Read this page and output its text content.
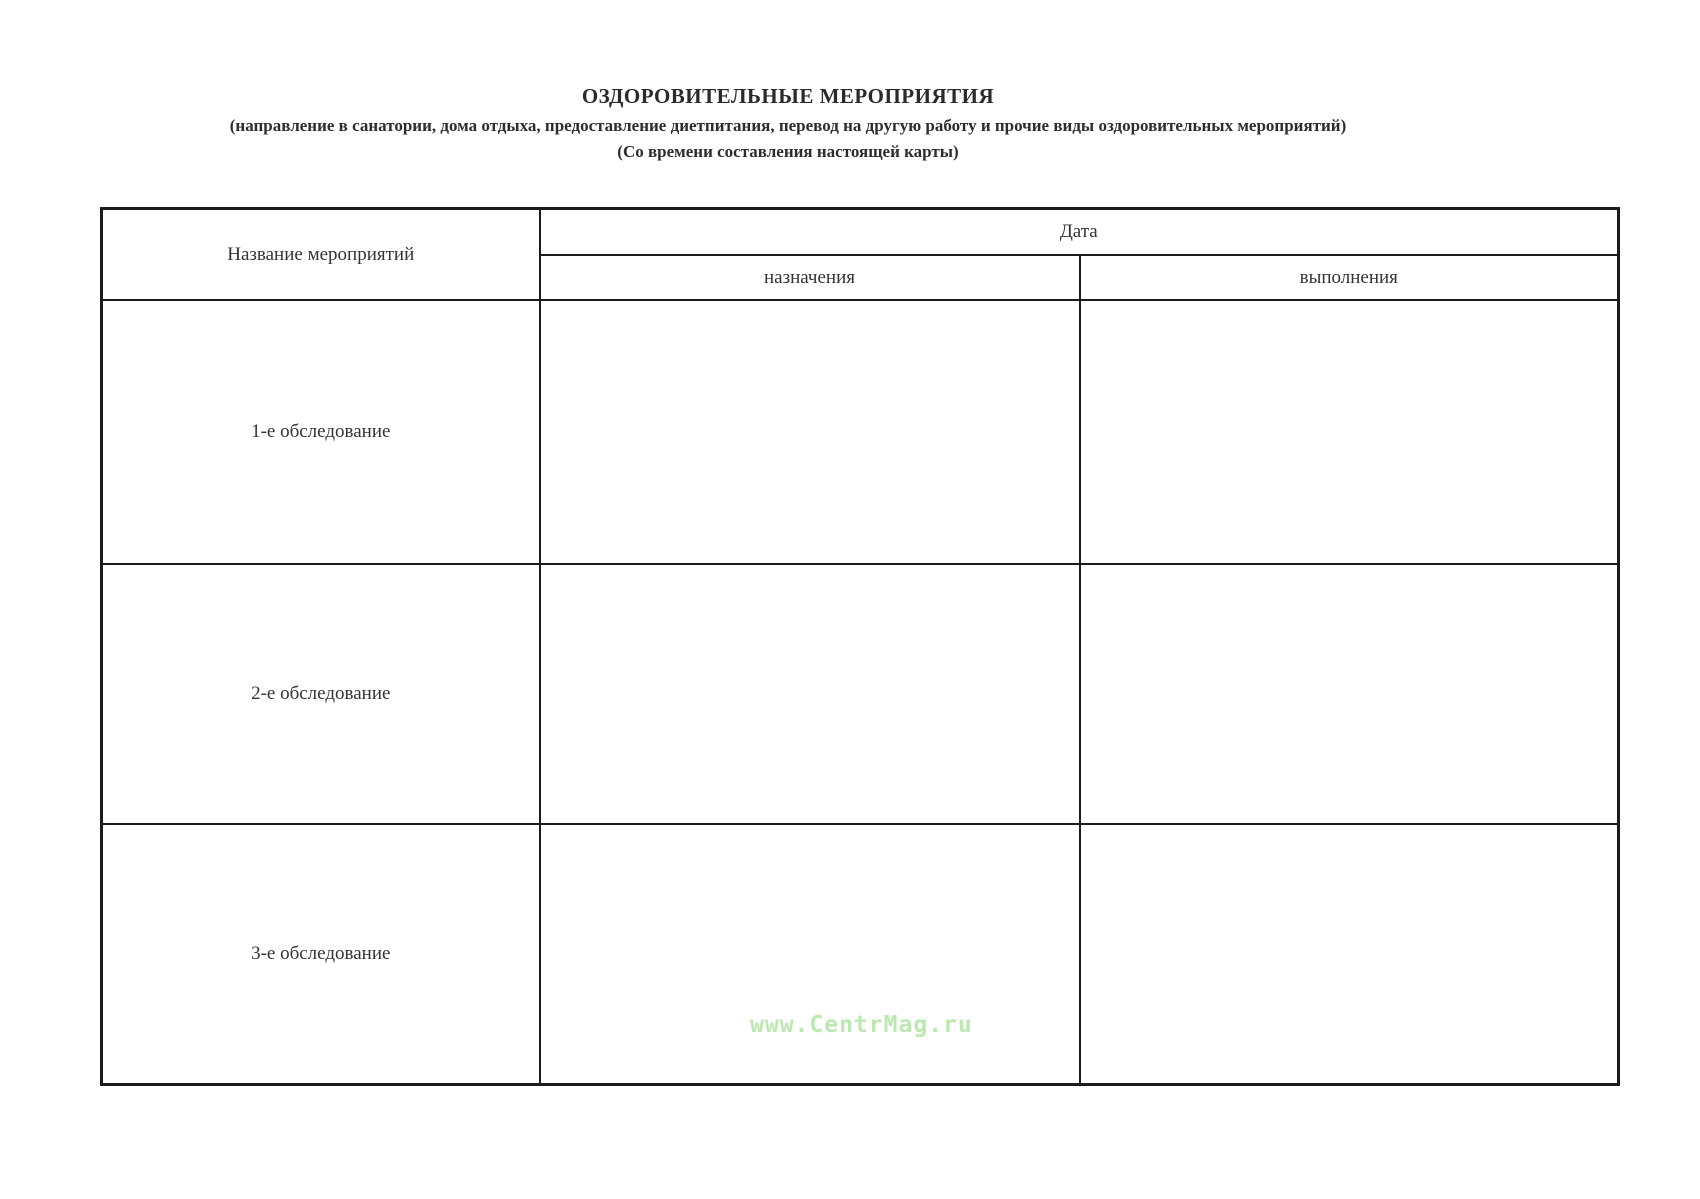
ОЗДОРОВИТЕЛЬНЫЕ МЕРОПРИЯТИЯ
(направление в санатории, дома отдыха, предоставление диетпитания, перевод на другую работу и прочие виды оздоровительных мероприятий)
(Со времени составления настоящей карты)
Название мероприятий	Дата	
	назначения	выполнения
1-е обследование		
2-е обследование		
3-е обследование		
www.CentrMag.ru
